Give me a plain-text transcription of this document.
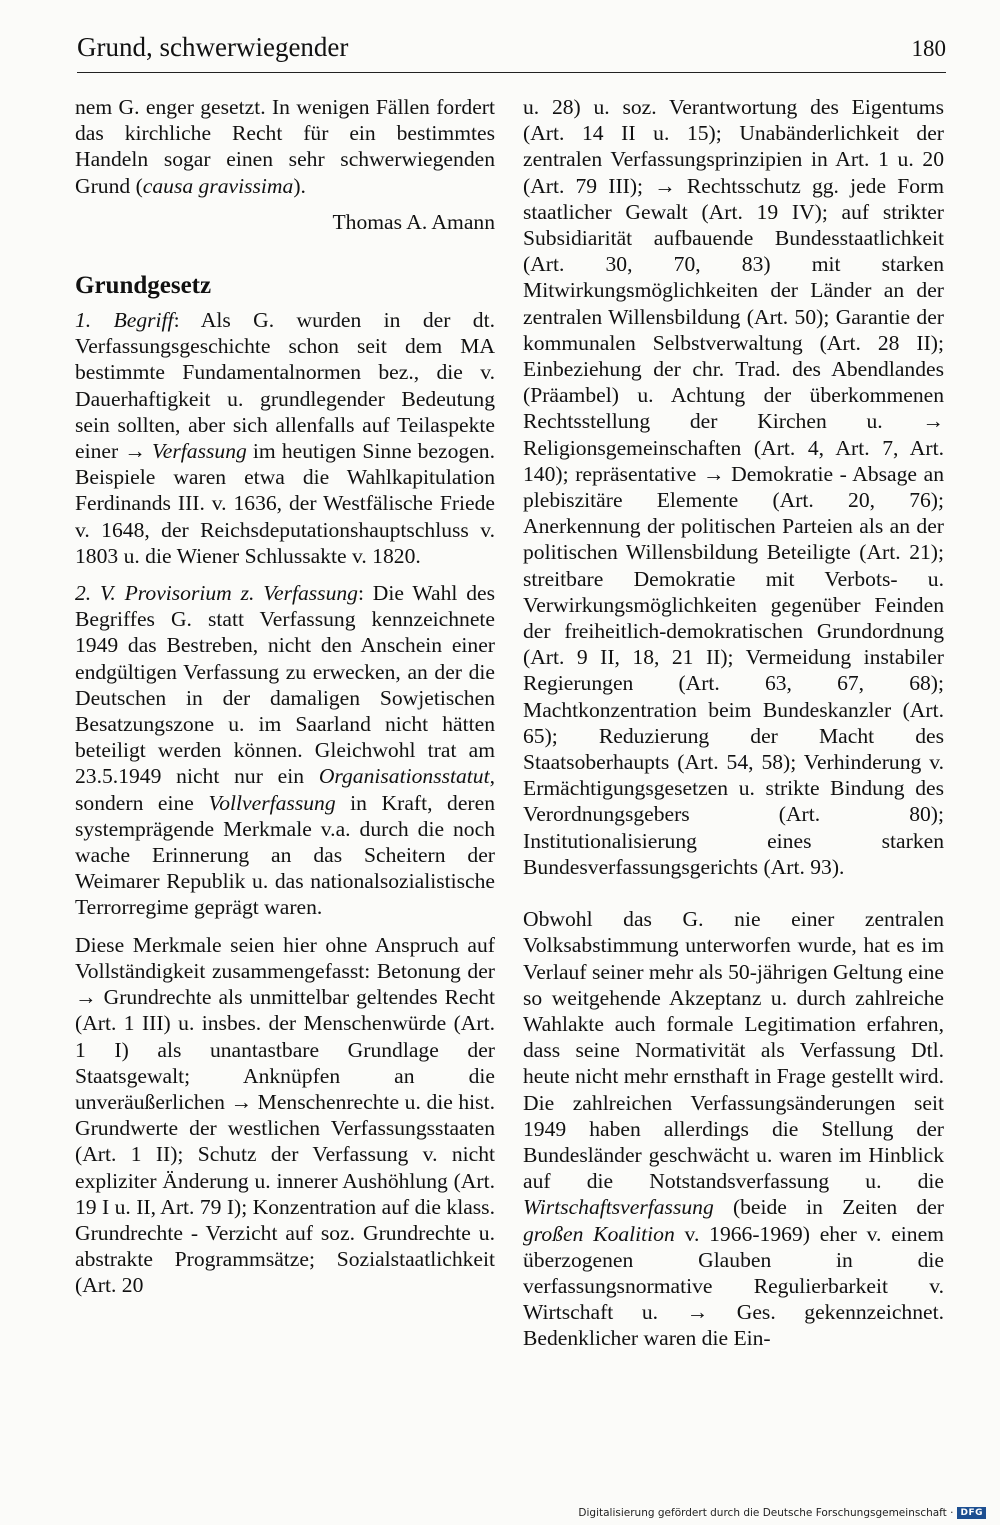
Grund, schwerwiegender	180

nem G. enger gesetzt. In wenigen Fällen fordert das kirchliche Recht für ein bestimmtes Handeln sogar einen sehr schwerwiegenden Grund (causa gravissima).

Thomas A. Amann

Grundgesetz

1. Begriff: Als G. wurden in der dt. Verfassungsgeschichte schon seit dem MA bestimmte Fundamentalnormen bez., die v. Dauerhaftigkeit u. grundlegender Bedeutung sein sollten, aber sich allenfalls auf Teilaspekte einer → Verfassung im heutigen Sinne bezogen. Beispiele waren etwa die Wahlkapitulation Ferdinands III. v. 1636, der Westfälische Friede v. 1648, der Reichsdeputationshauptschluss v. 1803 u. die Wiener Schlussakte v. 1820.

2. V. Provisorium z. Verfassung: Die Wahl des Begriffes G. statt Verfassung kennzeichnete 1949 das Bestreben, nicht den Anschein einer endgültigen Verfassung zu erwecken, an der die Deutschen in der damaligen Sowjetischen Besatzungszone u. im Saarland nicht hätten beteiligt werden können. Gleichwohl trat am 23.5.1949 nicht nur ein Organisationsstatut, sondern eine Vollverfassung in Kraft, deren systemprägende Merkmale v.a. durch die noch wache Erinnerung an das Scheitern der Weimarer Republik u. das nationalsozialistische Terrorregime geprägt waren.

Diese Merkmale seien hier ohne Anspruch auf Vollständigkeit zusammengefasst: Betonung der → Grundrechte als unmittelbar geltendes Recht (Art. 1 III) u. insbes. der Menschenwürde (Art. 1 I) als unantastbare Grundlage der Staatsgewalt; Anknüpfen an die unveräußerlichen → Menschenrechte u. die hist. Grundwerte der westlichen Verfassungsstaaten (Art. 1 II); Schutz der Verfassung v. nicht expliziter Änderung u. innerer Aushöhlung (Art. 19 I u. II, Art. 79 I); Konzentration auf die klass. Grundrechte - Verzicht auf soz. Grundrechte u. abstrakte Programmsätze; Sozialstaatlichkeit (Art. 20

u. 28) u. soz. Verantwortung des Eigentums (Art. 14 II u. 15); Unabänderlichkeit der zentralen Verfassungsprinzipien in Art. 1 u. 20 (Art. 79 III); → Rechtsschutz gg. jede Form staatlicher Gewalt (Art. 19 IV); auf strikter Subsidiarität aufbauende Bundesstaatlichkeit (Art. 30, 70, 83) mit starken Mitwirkungsmöglichkeiten der Länder an der zentralen Willensbildung (Art. 50); Garantie der kommunalen Selbstverwaltung (Art. 28 II); Einbeziehung der chr. Trad. des Abendlandes (Präambel) u. Achtung der überkommenen Rechtsstellung der Kirchen u. → Religionsgemeinschaften (Art. 4, Art. 7, Art. 140); repräsentative → Demokratie - Absage an plebiszitäre Elemente (Art. 20, 76); Anerkennung der politischen Parteien als an der politischen Willensbildung Beteiligte (Art. 21); streitbare Demokratie mit Verbots- u. Verwirkungsmöglichkeiten gegenüber Feinden der freiheitlich-demokratischen Grundordnung (Art. 9 II, 18, 21 II); Vermeidung instabiler Regierungen (Art. 63, 67, 68); Machtkonzentration beim Bundeskanzler (Art. 65); Reduzierung der Macht des Staatsoberhaupts (Art. 54, 58); Verhinderung v. Ermächtigungsgesetzen u. strikte Bindung des Verordnungsgebers (Art. 80); Institutionalisierung eines starken Bundesverfassungsgerichts (Art. 93).

Obwohl das G. nie einer zentralen Volksabstimmung unterworfen wurde, hat es im Verlauf seiner mehr als 50-jährigen Geltung eine so weitgehende Akzeptanz u. durch zahlreiche Wahlakte auch formale Legitimation erfahren, dass seine Normativität als Verfassung Dtl. heute nicht mehr ernsthaft in Frage gestellt wird. Die zahlreichen Verfassungsänderungen seit 1949 haben allerdings die Stellung der Bundesländer geschwächt u. waren im Hinblick auf die Notstandsverfassung u. die Wirtschaftsverfassung (beide in Zeiten der großen Koalition v. 1966-1969) eher v. einem überzogenen Glauben in die verfassungsnormative Regulierbarkeit v. Wirtschaft u. → Ges. gekennzeichnet. Bedenklicher waren die Ein-

Digitalisierung gefördert durch die Deutsche Forschungsgemeinschaft · DFG
